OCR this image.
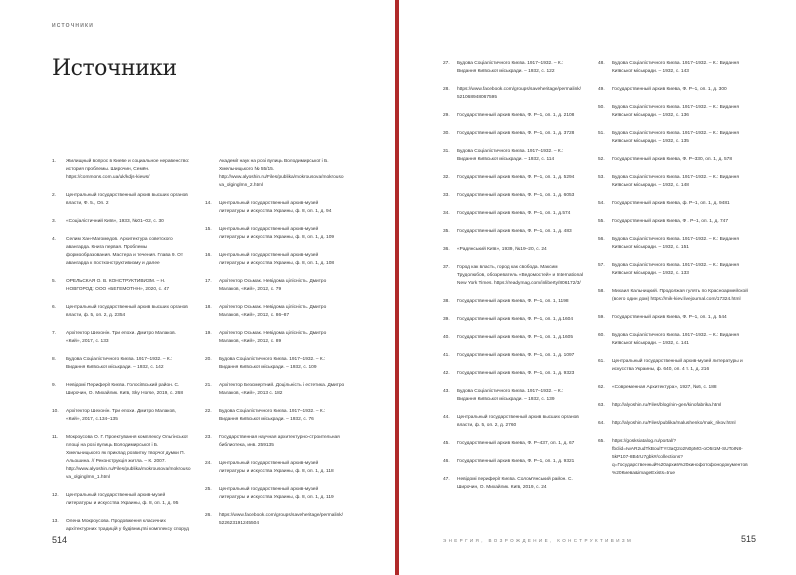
ИСТОЧНИКИ
Источники
1.	Жилищный вопрос в Киеве и социальное неравенство: история проблемы. Широчин, Семён. https://commons.com.ua/uk/kdjs-kiews/
2.	Центральный государственный архив высших органов власти, Ф. 5., Оп. 2
3.	«Соціалістичний Київ», 1933, №01–02, с. 30
4.	Селим Хан-Магомедов. Архитектура советского авангарда. Книга первая. Проблемы формообразования. Мастера и течения. Глава 9. От авангарда к постконструктивизму и далее
5.	ОРЕЛЬСКАЯ О. В. КОНСТРУКТИВИЗМ. – Н. НОВГОРОД: ООО «БЕГЕМОТНН», 2020, с. 47
6.	Центральный государственный архив высших органов власти, ф. 5, оп. 2, д. 2354
7.	Архітектор Шехонін. Три епохи. Дмитро Малаков. «Кий», 2017, с. 133
8.	Будова Соціалістичного Києва. 1917–1932. – К.: Видання Київської міськради. – 1932, с. 142
9.	Невідомі Периферії Києва. Голосіївський район. С. Широчин, О. Михайлик. Київ, Sky Horse, 2019, с. 268
10.	Архітектор Шехонін. Три епохи. Дмитро Малаков, «Кий», 2017, с.134–135
11.	Мокроусова О. Г. Проектування комплексу Ольгінської площі на розі вулиць Володимирської і Б. Хмельницького як приклад розвитку творчої думки П. Альошина. // Реконструкція житла. – К. 2007. http://www.alyoshin.ru/Files/publika/mokrousova/mokrousova_olginglmn_1.html
12.	Центральный государственный архив-музей литературы и искусства Украины, ф. 8, оп. 1, д. 95
13.	Олена Мокроусова. Продовження класичних архітектурних традицій у будівництві комплексу споруд
Академії наук на розі вулиць Володимирської і Б. Хмельницького № 55/15. http://www.alyoshin.ru/Files/publika/mokrousova/mokrousova_olginglmn_2.html
14.	Центральный государственный архив-музей литературы и искусства Украины, ф. 8, оп. 1, д. 94
15.	Центральный государственный архив-музей литературы и искусства Украины, ф. 8, оп. 1, д. 109
16.	Центральный государственный архив-музей литературы и искусства Украины, ф. 8, оп. 1, д. 108
17.	Архітектор Осьмак. Невідома цілісність. Дмитро Малаков, «Кий», 2012, с. 79
18.	Архітектор Осьмак. Невідома цілісність. Дмитро Малаков, «Кий», 2012, с. 86–87
19.	Архітектор Осьмак. Невідома цілісність. Дмитро Малаков, «Кий», 2012, с. 89
20.	Будова Соціалістичного Києва. 1917–1932. – К.: Видання Київської міськради. – 1932, с. 109
21.	Архітектор Безсмертний. Доцільність і естетика. Дмитро Малаков, «Кий», 2013 с. 182
22.	Будова Соціалістичного Києва. 1917–1932. – К.: Видання Київської міськради. – 1932, с. 76
23.	Государственная научная архитектурно-строительная библиотека, инв. 259135
24.	Центральный государственный архив-музей литературы и искусства Украины, ф. 8, оп. 1, д. 118
25.	Центральный государственный архив-музей литературы и искусства Украины, ф. 8, оп. 1, д. 119
26.	https://www.facebook.com/groups/saveheritage/permalink/522623191245504
514
27.	Будова Соціалістичного Києва. 1917–1932. – К.: Видання Київської міськради. – 1932, с. 122
28.	https://www.facebook.com/groups/saveheritage/permalink/521068948067595
29.	Государственный архив Киева, Ф. Р–1, оп. 1, д. 2108
30.	Государственный архив Киева, Ф. Р–1, оп. 1, д. 3728
31.	Будова Соціалістичного Києва. 1917–1932. – К.: Видання Київської міськради. – 1932, с. 114
32.	Государственный архив Киева, Ф. Р–1, оп. 1, д. 5294
33.	Государственный архив Киева, Ф. Р–1, оп. 1, д. 6053
34.	Государственный архив Киева, Ф. Р–1, оп. 1, д.574
35.	Государственный архив Киева, Ф. Р–1, оп. 1, д. 483
36.	«Радянський Київ», 1939, №19–20, с. 24
37.	Город как власть, город как свобода. Максим Трудолюбов, обозреватель «Ведомостей» и International New York Times. https://readymag.com/inliberty/806172/3/
38.	Государственный архив Киева, Ф. Р–1, оп. 1, 1198
39.	Государственный архив Киева, Ф. Р–1, оп. 1, д.1604
40.	Государственный архив Киева, Ф. Р–1, оп. 1, д.1605
41.	Государственный архив Киева, Ф. Р–1, оп. 1, д. 1097
42.	Государственный архив Киева, Ф. Р–1, оп. 1, д. 9323
43.	Будова Соціалістичного Києва. 1917–1932. – К.: Видання Київської міськради. – 1932, с. 139
44.	Центральный государственный архив высших органов власти, ф. 5, оп. 2, д. 2760
45.	Государственный архив Киева, Ф. Р–437, оп. 1, д. 67
46.	Государственный архив Киева, Ф. Р–1, оп. 1, д. 9321
47.	Невідомі периферії Києва. Солом'янський район. С. Широчин, О. Михайлик. Київ, 2019, с. 24
48.	Будова Соціалістичного Києва. 1917–1932. – К.: Видання Київської міськради. – 1932, с. 143
49.	Государственный архив Киева, Ф. Р–1, оп. 1, д. 300
50.	Будова Соціалістичного Києва. 1917–1932. – К.: Видання Київської міськради. – 1932, с. 136
51.	Будова Соціалістичного Києва. 1917–1932. – К.: Видання Київської міськради. – 1932, с. 135
52.	Государственный архив Киева, Ф. Р–330, оп. 1, д. 578
53.	Будова Соціалістичного Києва. 1917–1932. – К.: Видання Київської міськради. – 1932, с. 148
54.	Государственный архив Киева, ф. Р–1, оп. 1, д. 9481
55.	Государственный архив Киева, Ф . Р–1, оп. 1, д. 747
56.	Будова Соціалістичного Києва. 1917–1932. – К.: Видання Київської міськради. – 1932, с. 151
57.	Будова Соціалістичного Києва. 1917–1932. – К.: Видання Київської міськради. – 1932, с. 133
58.	Михаил Кальницкий. Продолжая гулять по Красноармейской (всего один дом) https://mik-kiev.livejournal.com/17324.html
59.	Государственный архив Киева, Ф. Р–1, оп. 1, д. 544
60.	Будова Соціалістичного Києва. 1917–1932. – К.: Видання Київської міськради. – 1932, с. 141
61.	Центральный государственный архив-музей литературы и искусства Украины, ф. 640, оп. 4 т. 1, д. 216
62.	«Современная Архитектура», 1927, №6, с. 188
63.	http://alyoshin.ru/Files/blog/nin-gen/kinofabrika.html
64.	http://alyoshin.ru/Files/publika/malushenko/mak_rikov.html
65.	https://gosksiatalog.ru/portal/?fbclid=IwAR2udTkBoulTYr3aQ2o2N0pMG-oO5I1M-SUToIN8-5kP107-8B4rU7gbk#/collections?q=Государственный%20архив%20кинофотофонодокументов%20Киева&imageExists=true
ЭНЕРГИЯ, ВОЗРОЖДЕНИЕ, КОНСТРУКТИВИЗМ	515
